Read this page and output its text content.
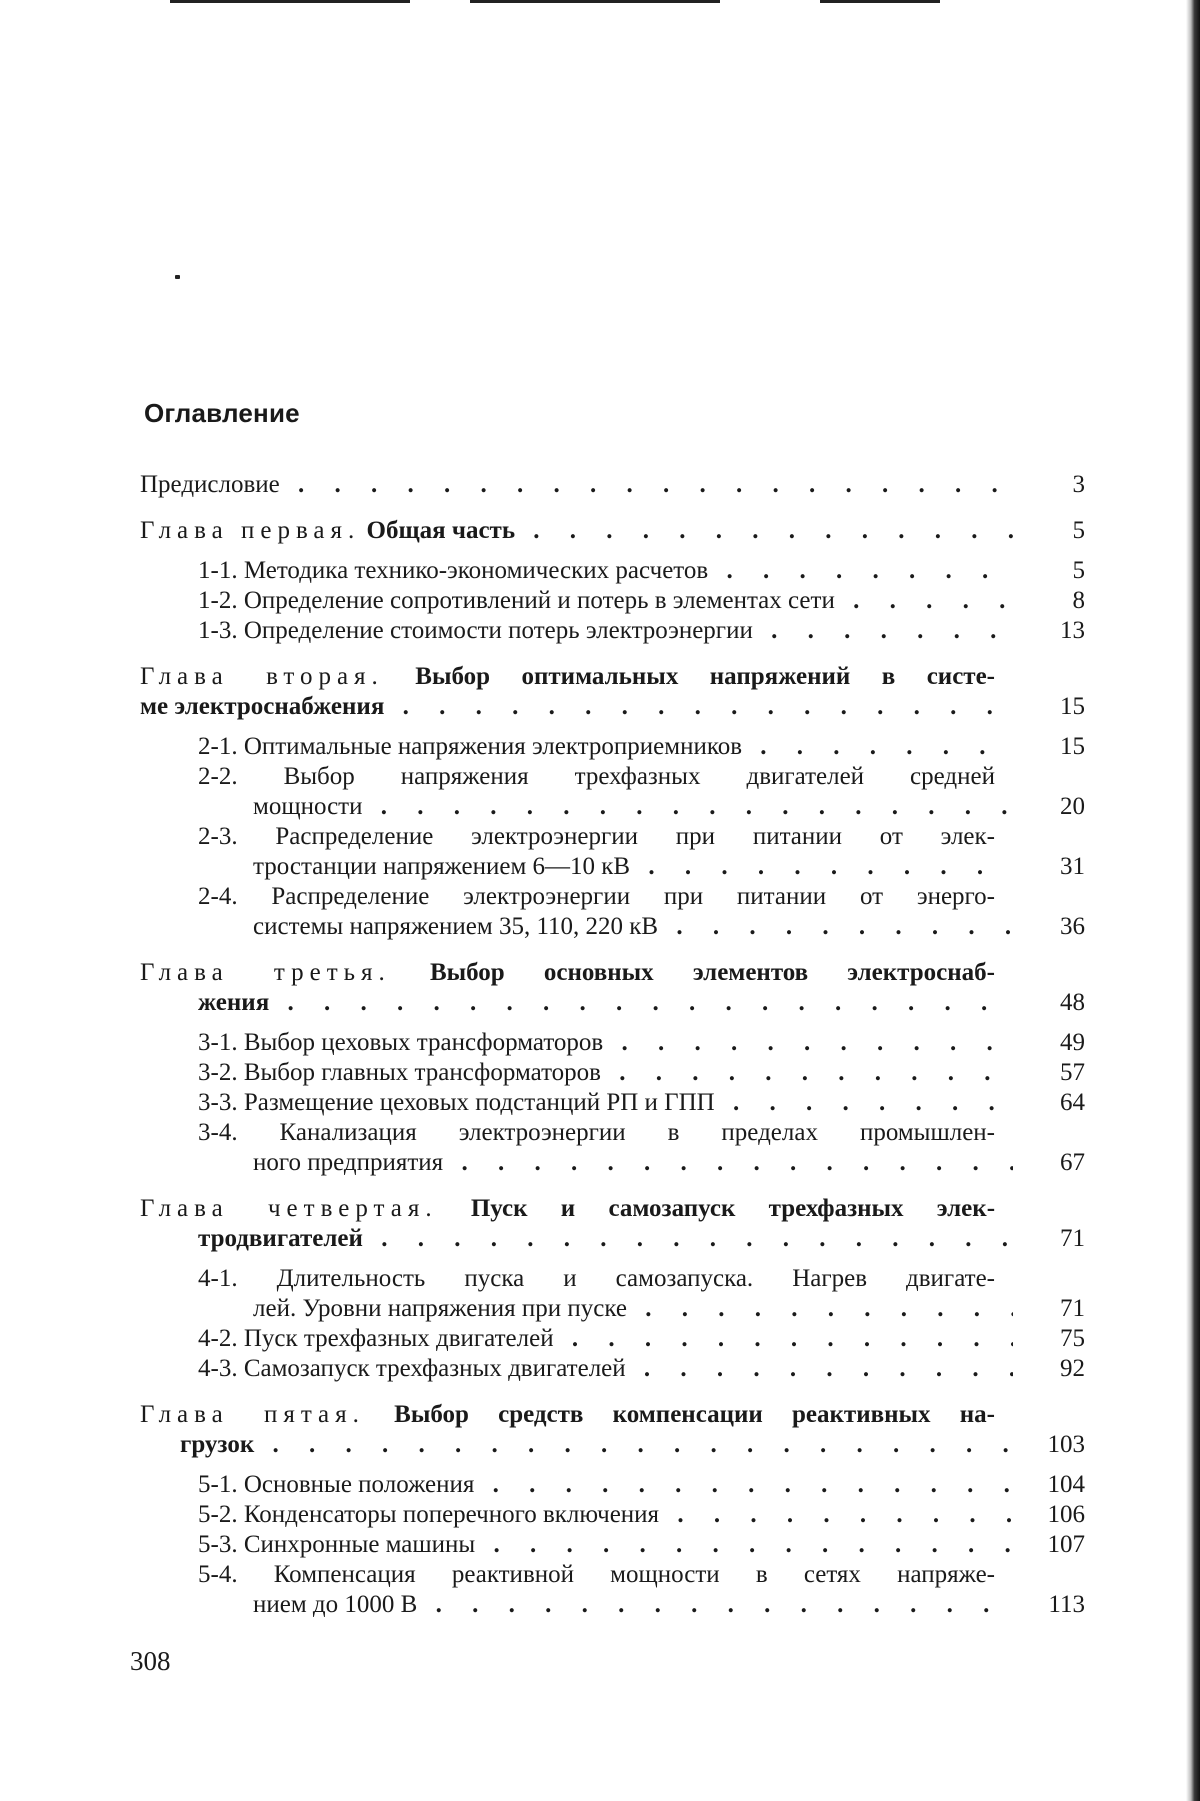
Оглавление
Предисловие . . .	3
Глава первая. Общая часть . . .	5
1-1. Методика технико-экономических расчетов . . .	5
1-2. Определение сопротивлений и потерь в элементах сети . . .	8
1-3. Определение стоимости потерь электроэнергии . . .	13
Глава вторая. Выбор оптимальных напряжений в систе-
ме электроснабжения . . .	15
2-1. Оптимальные напряжения электроприемников . . .	15
2-2. Выбор напряжения трехфазных двигателей средней
мощности . . .	20
2-3. Распределение электроэнергии при питании от элек-
тростанции напряжением 6—10 кВ . . .	31
2-4. Распределение электроэнергии при питании от энерго-
системы напряжением 35, 110, 220 кВ . . .	36
Глава третья. Выбор основных элементов электроснаб-
жения . . .	48
3-1. Выбор цеховых трансформаторов . . .	49
3-2. Выбор главных трансформаторов . . .	57
3-3. Размещение цеховых подстанций РП и ГПП . . .	64
3-4. Канализация электроэнергии в пределах промышлен-
ного предприятия . . .	67
Глава четвертая. Пуск и самозапуск трехфазных элек-
тродвигателей . . .	71
4-1. Длительность пуска и самозапуска. Нагрев двигате-
лей. Уровни напряжения при пуске . . .	71
4-2. Пуск трехфазных двигателей . . .	75
4-3. Самозапуск трехфазных двигателей . . .	92
Глава пятая. Выбор средств компенсации реактивных на-
грузок . . .	103
5-1. Основные положения . . .	104
5-2. Конденсаторы поперечного включения . . .	106
5-3. Синхронные машины . . .	107
5-4. Компенсация реактивной мощности в сетях напряже-
нием до 1000 В . . .	113

308
